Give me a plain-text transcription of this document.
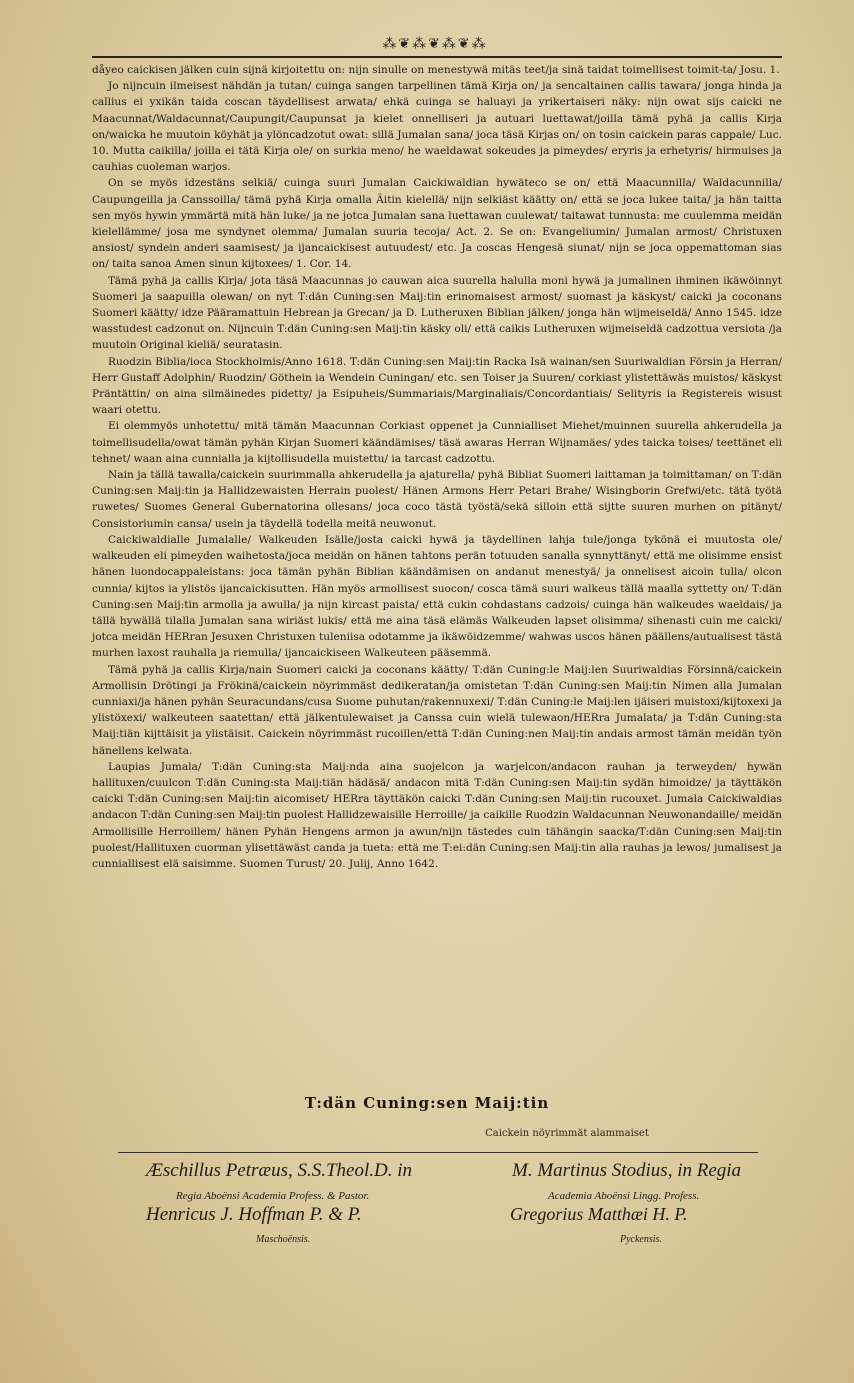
⁂❦⁂❦⁂❦⁂

dåyeo caickisen jälken cuin sijnä kirjoitettu on: nijn sinulle on menestywä mitäs teet/ja sinä taidat toimellisest toimit-ta/ Josu. 1.

Jo nijncuin ilmeisest nähdän ja tutan/ cuinga sangen tarpellinen tämä Kirja on/ ja sencaltainen callis tawara/ jonga hinda ja callius ei yxikän taida coscan täydellisest arwata/ ehkä cuinga se haluayi ja yrikertaiseri näky: nijn owat sijs caicki ne Maacunnat/Waldacunnat/Caupungit/Caupunsat ja kielet onnelliseri ja autuari luettawat/joilla tämä pyhä ja callis Kirja on/waicka he muutoin köyhät ja ylöncadzotut owat: sillä Jumalan sana/ joca täsä Kirjas on/ on tosin caickein paras cappale/ Luc. 10. Mutta caikilla/ joilla ei tätä Kirja ole/ on surkia meno/ he waeldawat sokeudes ja pimeydes/ eryris ja erhetyris/ hirmuises ja cauhias cuoleman warjos.

On se myös idzestäns selkiä/ cuinga suuri Jumalan Caickiwaldian hywäteco se on/ että Maacunnilla/ Waldacunnilla/ Caupungeilla ja Canssoilla/ tämä pyhä Kirja omalla Äitin kielellä/ nijn selkiäst käätty on/ että se joca lukee taita/ ja hän taitta sen myös hywin ymmärtä mitä hän luke/ ja ne jotca Jumalan sana luettawan cuulewat/ taitawat tunnusta: me cuulemma meidän kielellämme/ josa me syndynet olemma/ Jumalan suuria tecoja/ Act. 2. Se on: Evangeliumin/ Jumalan armost/ Christuxen ansiost/ syndein anderi saamisest/ ja ijancaickisest autuudest/ etc. Ja coscas Hengesä siunat/ nijn se joca oppemattoman sias on/ taita sanoa Amen sinun kijtoxees/ 1. Cor. 14.

Tämä pyhä ja callis Kirja/ jota täsä Maacunnas jo cauwan aica suurella halulla moni hywä ja jumalinen ihminen ikäwöinnyt Suomeri ja saapuilla olewan/ on nyt T:dän Cuning:sen Maij:tin erinomaisest armost/ suomast ja käskyst/ caicki ja coconans Suomeri käätty/ idze Pääramattuin Hebrean ja Grecan/ ja D. Lutheruxen Biblian jälken/ jonga hän wijmeiseldä/ Anno 1545. idze wasstudest cadzonut on. Nijncuin T:dän Cuning:sen Maij:tin käsky oli/ että caikis Lutheruxen wijmeiseldä cadzottua versiota /ja muutoin Original kieliä/ seuratasin.

Ruodzin Biblia/ioca Stockholmis/Anno 1618. T:dän Cuning:sen Maij:tin Racka Isä wainan/sen Suuriwaldian Försin ja Herran/ Herr Gustaff Adolphin/ Ruodzin/ Göthein ia Wendein Cuningan/ etc. sen Toiser ja Suuren/ corkiast ylistettäwäs muistos/ käskyst Präntättin/ on aina silmäinedes pidetty/ ja Esipuheis/Summariais/Marginaliais/Concordantiais/ Selityris ia Registereis wisust waari otettu.

Ei olemmyös unhotettu/ mitä tämän Maacunnan Corkiast oppenet ja Cunnialliset Miehet/muinnen suurella ahkerudella ja toimellisudella/owat tämän pyhän Kirjan Suomeri käändämises/ täsä awaras Herran Wijnamäes/ ydes taicka toises/ teettänet eli tehnet/ waan aina cunnialla ja kijtollisudella muistettu/ ia tarcast cadzottu.

Nain ja tällä tawalla/caickein suurimmalla ahkerudella ja ajaturella/ pyhä Bibliat Suomeri laittaman ja toimittaman/ on T:dän Cuning:sen Maij:tin ja Hallidzewaisten Herrain puolest/ Hänen Armons Herr Petari Brahe/ Wisingborin Grefwi/etc. tätä työtä ruwetes/ Suomes General Gubernatorina ollesans/ joca coco tästä työstä/sekä silloin että sijtte suuren murhen on pitänyt/ Consistoriumin cansa/ usein ja täydellä todella meitä neuwonut.

Caickiwaldialle Jumalalle/ Walkeuden Isälle/josta caicki hywä ja täydellinen lahja tule/jonga tykönä ei muutosta ole/ walkeuden eli pimeyden waihetosta/joca meidän on hänen tahtons perän totuuden sanalla synnyttänyt/ että me olisimme ensist hänen luondocappaleistans: joca tämän pyhän Biblian käändämisen on andanut menestyä/ ja onnelisest aicoin tulla/ olcon cunnia/ kijtos ia ylistös ijancaickisutten. Hän myös armollisest suocon/ cosca tämä suuri walkeus tällä maalla syttetty on/ T:dän Cuning:sen Maij:tin armolla ja awulla/ ja nijn kircast paista/ että cukin cohdastans cadzois/ cuinga hän walkeudes waeldais/ ja tällä hywällä tilalla Jumalan sana wiriäst lukis/ että me aina täsä elämäs Walkeuden lapset olisimma/ sihenasti cuin me caicki/ jotca meidän HERran Jesuxen Christuxen tuleniisa odotamme ja ikäwöidzemme/ wahwas uscos hänen päällens/autualisest tästä murhen laxost rauhalla ja riemulla/ ijancaickiseen Walkeuteen pääsemmä.

Tämä pyhä ja callis Kirja/nain Suomeri caicki ja coconans käätty/ T:dän Cuning:le Maij:len Suuriwaldias Försinnä/caickein Armollisin Drötingi ja Frökinä/caickein nöyrimmäst dedikeratan/ja omistetan T:dän Cuning:sen Maij:tin Nimen alla Jumalan cunniaxi/ja hänen pyhän Seuracundans/cusa Suome puhutan/rakennuxexi/ T:dän Cuning:le Maij:len ijäiseri muistoxi/kijtoxexi ja ylistöxexi/ walkeuteen saatettan/ että jälkentulewaiset ja Canssa cuin wielä tulewaon/HERra Jumalata/ ja T:dän Cuning:sta Maij:tiän kijttäisit ja ylistäisit. Caickein nöyrimmäst rucoillen/että T:dän Cuning:nen Maij:tin andais armost tämän meidän työn hänellens kelwata.

Laupias Jumala/ T:dän Cuning:sta Maij:nda aina suojelcon ja warjelcon/andacon rauhan ja terweyden/ hywän hallituxen/cuulcon T:dän Cuning:sta Maij:tiän hädäsä/ andacon mitä T:dän Cuning:sen Maij:tin sydän himoidze/ ja täyttäkön caicki T:dän Cuning:sen Maij:tin aicomiset/ HERra täyttäkön caicki T:dän Cuning:sen Maij:tin rucouxet. Jumala Caickiwaldias andacon T:dän Cuning:sen Maij:tin puolest Hallidzewaisille Herroille/ ja caikille Ruodzin Waldacunnan Neuwonandaille/ meidän Armollisille Herroillem/ hänen Pyhän Hengens armon ja awun/nijn tästedes cuin tähängin saacka/T:dän Cuning:sen Maij:tin puolest/Hallituxen cuorman ylisettäwäst canda ja tueta: että me T:ei:dän Cuning:sen Maij:tin alla rauhas ja lewos/ jumalisest ja cunniallisest elä saisimme. Suomen Turust/ 20. Julij, Anno 1642.

T:dän Cuning:sen Maij:tin
Caickein nöyrimmät alammaiset
Æschillus Petræus, S.S.Theol.D. in
Regia Aboënsi Academia Profess. & Pastor.
Henricus J. Hoffman P. & P.
Maschoënsis.
M. Martinus Stodius, in Regia
Academia Aboënsi Lingg. Profess.
Gregorius Matthæi H. P.
Pyckensis.
